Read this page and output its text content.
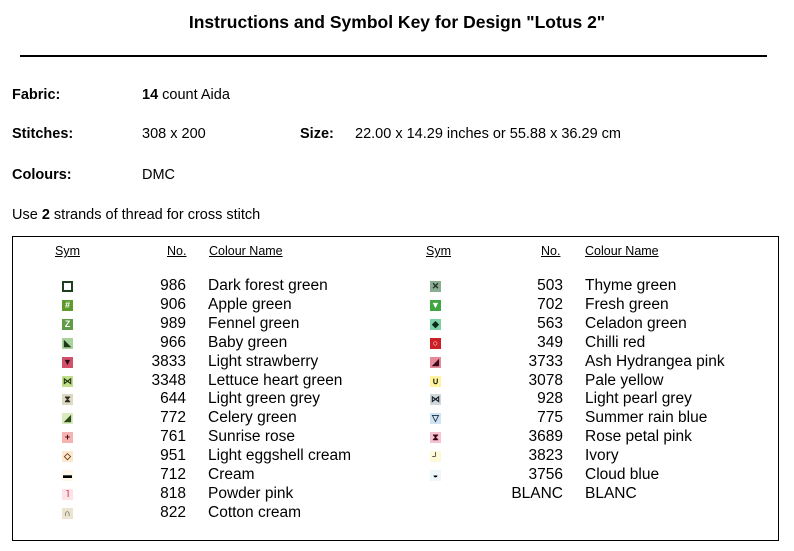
Instructions and Symbol Key for Design "Lotus 2"
Fabric:	14 count Aida
Stitches:	308 x 200	Size: 22.00 x 14.29 inches or 55.88 x 36.29 cm
Colours:	DMC
Use 2 strands of thread for cross stitch
Sym	No. Colour Name	Sym	No. Colour Name
986 Dark forest green
#	906 Apple green
Z	989 Fennel green
◣	966 Baby green
▼	3833 Light strawberry
⋈	3348 Lettuce heart green
⧗	644 Light green grey
◢	772 Celery green
+	761 Sunrise rose
◇	951 Light eggshell cream
▬	712 Cream
˥	818 Powder pink
∩	822 Cotton cream
✕	503 Thyme green
▼	702 Fresh green
◆	563 Celadon green
○	349 Chilli red
◢	3733 Ash Hydrangea pink
∪	3078 Pale yellow
⋈	928 Light pearl grey
▽	775 Summer rain blue
⧗	3689 Rose petal pink
┘	3823 Ivory
◒	3756 Cloud blue
BLANC BLANC
